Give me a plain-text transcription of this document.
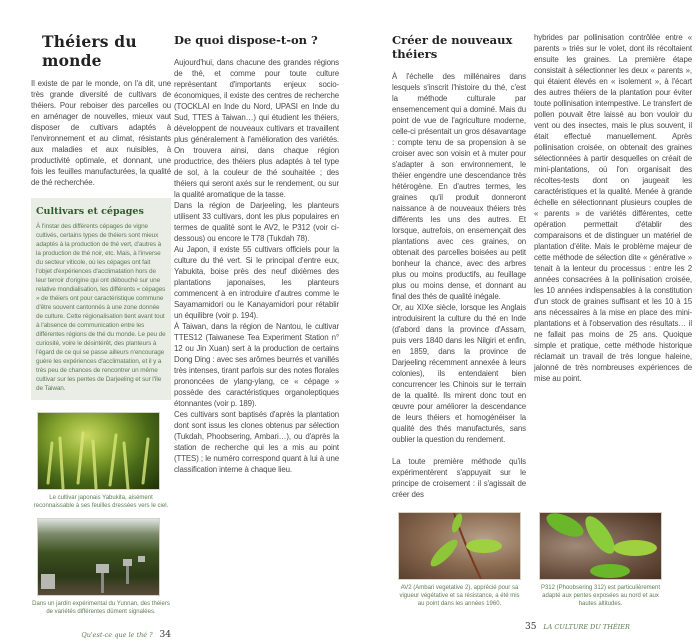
Théiers du monde

Il existe de par le monde, on l'a dit, une très grande diversité de cultivars de théiers. Pour reboiser des parcelles ou en aménager de nouvelles, mieux vaut disposer de cultivars adaptés à l'environnement et au climat, résistants aux maladies et aux nuisibles, à productivité optimale, et donnant, une fois les feuilles manufacturées, la qualité de thé recherchée.

Cultivars et cépages

À l'instar des différents cépages de vigne cultivés, certains types de théiers sont mieux adaptés à la production de thé vert, d'autres à la production de thé noir, etc. Mais, à l'inverse du secteur viticole, où les cépages ont fait l'objet d'expériences d'acclimatation hors de leur terroir d'origine qui ont débouché sur une relative mondialisation, les différents « cépages » de théiers ont pour caractéristique commune d'être souvent cantonnés à une zone donnée de culture. Cette régionalisation tient avant tout à l'absence de communication entre les différentes régions de thé du monde. Le peu de curiosité, voire le désintérêt, des planteurs à l'égard de ce qui se passe ailleurs n'encourage guère les expériences d'acclimatation, et il y a très peu de chances de rencontrer un même cultivar sur les pentes de Darjeeling et sur l'île de Taiwan.

Le cultivar japonais Yabukita, aisément reconnaissable à ses feuilles dressées vers le ciel.
Dans un jardin expérimental du Yunnan, des théiers de variétés différentes dûment signalées.
Qu'est-ce que le thé ? 34
De quoi dispose-t-on ?

Aujourd'hui, dans chacune des grandes régions de thé, et comme pour toute culture représentant d'importants enjeux socio-économiques, il existe des centres de recherche (TOCKLAI en Inde du Nord, UPASI en Inde du Sud, TTES à Taiwan…) qui étudient les théiers, développent de nouveaux cultivars et travaillent plus généralement à l'amélioration des variétés. On trouvera ainsi, dans chaque région productrice, des théiers plus adaptés à tel type de sol, à la couleur de thé souhaitée ; des théiers qui seront axés sur le rendement, ou sur la qualité aromatique de la tasse.

Dans la région de Darjeeling, les planteurs utilisent 33 cultivars, dont les plus populaires en termes de qualité sont le AV2, le P312 (voir ci-dessous) ou encore le T78 (Tukdah 78).

Au Japon, il existe 55 cultivars officiels pour la culture du thé vert. Si le principal d'entre eux, Yabukita, boise près des neuf dixièmes des plantations japonaises, les planteurs commencent à en introduire d'autres comme le Sayamamidori ou le Kanayamidori pour rétablir un équilibre (voir p. 194).

À Taiwan, dans la région de Nantou, le cultivar TTES12 (Taiwanese Tea Experiment Station n° 12 ou Jin Xuan) sert à la production de certains Dong Ding : avec ses arômes beurrés et vanillés très intenses, tirant parfois sur des notes florales prononcées de ylang-ylang, ce « cépage » possède des caractéristiques organoleptiques étonnantes (voir p. 189).

Ces cultivars sont baptisés d'après la plantation dont sont issus les clones obtenus par sélection (Tukdah, Phoobsering, Ambari…), ou d'après la station de recherche qui les a mis au point (TTES) ; le numéro correspond quant à lui à une classification interne à chaque lieu.

Créer de nouveaux théiers

À l'échelle des millénaires dans lesquels s'inscrit l'histoire du thé, c'est la méthode culturale par ensemencement qui a dominé. Mais du point de vue de l'agriculture moderne, celle-ci présentait un gros désavantage : compte tenu de sa propension à se croiser avec son voisin et à muter pour s'adapter à son environnement, le théier engendre une descendance très hétérogène. En d'autres termes, les graines qu'il produit donneront naissance à de nouveaux théiers très différents les uns des autres. Et lorsque, autrefois, on ensemençait des plantations avec ces graines, on obtenait des parcelles boisées au petit bonheur la chance, avec des arbres plus ou moins productifs, au feuillage plus ou moins dense, et donnant au final des thés de qualité inégale.

Or, au XIXe siècle, lorsque les Anglais introduisirent la culture du thé en Inde (d'abord dans la province d'Assam, puis vers 1840 dans les Nilgiri et enfin, en 1859, dans la province de Darjeeling récemment annexée à leurs colonies), ils entendaient bien concurrencer les Chinois sur le terrain de la qualité. Ils mirent donc tout en œuvre pour améliorer la descendance de leurs théiers et homogénéiser la qualité des thés manufacturés, sans oublier la question du rendement.

La toute première méthode qu'ils expérimentèrent s'appuyait sur le principe de croisement : il s'agissait de créer des

hybrides par pollinisation contrôlée entre « parents » triés sur le volet, dont ils récoltaient ensuite les graines. La première étape consistait à sélectionner les deux « parents », qui étaient élevés en « isolement », à l'écart des autres théiers de la plantation pour éviter toute pollinisation intempestive. Le transfert de pollen pouvait être laissé au bon vouloir du vent ou des insectes, mais le plus souvent, il était effectué manuellement. Après pollinisation croisée, on obtenait des graines sélectionnées à partir desquelles on créait de mini-plantations, où l'on organisait des récoltes-tests dont on jaugeait les caractéristiques et la qualité. Menée à grande échelle en sélectionnant plusieurs couples de « parents » de variétés différentes, cette opération permettait d'établir des comparaisons et de distinguer un matériel de plantation d'élite. Mais le problème majeur de cette méthode de sélection dite « générative » tenait à la lenteur du processus : entre les 2 années consacrées à la pollinisation croisée, les 10 années indispensables à la constitution d'un stock de graines suffisant et les 10 à 15 ans nécessaires à la mise en place des mini-plantations et à l'observation des résultats… il ne fallait pas moins de 25 ans. Quoique simple et pratique, cette méthode historique réclamait un travail de très longue haleine, jalonné de très nombreuses expériences de mise au point.

AV2 (Ambari vegetative 2), apprécié pour sa vigueur végétative et sa résistance, a été mis au point dans les années 1960.
P312 (Phoobsering 312) est particulièrement adapté aux pentes exposées au nord et aux hautes altitudes.
35 LA CULTURE DU THÉIER
